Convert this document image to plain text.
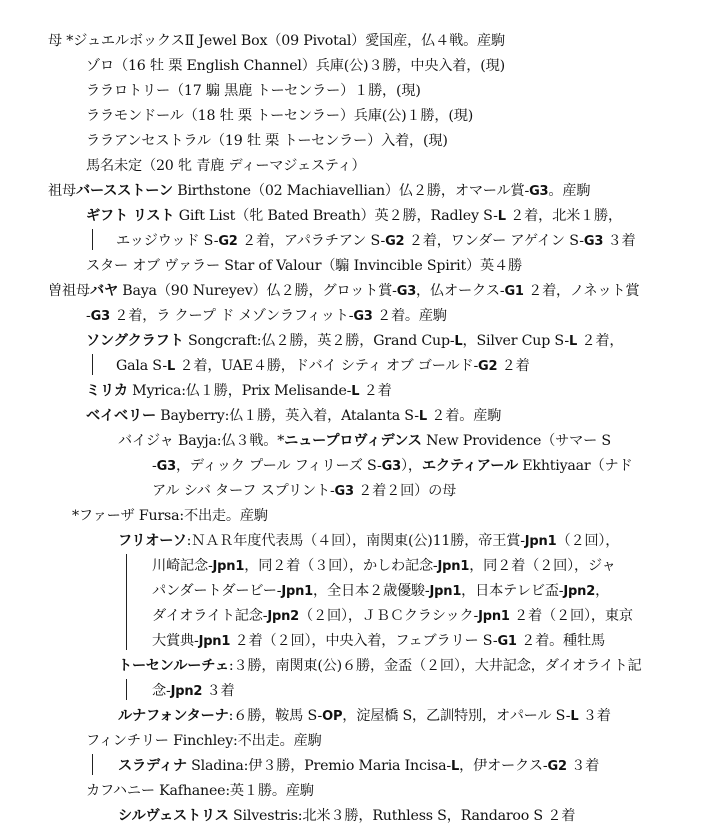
母 *ジュエルボックスⅡ Jewel Box（09 Pivotal）愛国産，仏４戦。産駒
ゾロ（16 牡 栗 English Channel）兵庫(公)３勝，中央入着，(現)
ララロトリー（17 騸 黒鹿 トーセンラー）１勝，(現)
ララモンドール（18 牡 栗 トーセンラー）兵庫(公)１勝，(現)
ララアンセストラル（19 牡 栗 トーセンラー）入着，(現)
馬名未定（20 牝 青鹿 ディーマジェスティ）
祖母バースストーン Birthstone（02 Machiavellian）仏２勝，オマール賞-G3。産駒
ギフト リスト Gift List（牝 Bated Breath）英２勝，Radley S-L ２着，北米１勝，
エッジウッド S-G2 ２着，アパラチアン S-G2 ２着，ワンダー アゲイン S-G3 ３着
スター オブ ヴァラー Star of Valour（騸 Invincible Spirit）英４勝
曽祖母バヤ Baya（90 Nureyev）仏２勝，グロット賞-G3，仏オークス-G1 ２着，ノネット賞
-G3 ２着，ラ クープ ド メゾンラフィット-G3 ２着。産駒
ソングクラフト Songcraft:仏２勝，英２勝，Grand Cup-L，Silver Cup S-L ２着，
Gala S-L ２着，UAE４勝，ドバイ シティ オブ ゴールド-G2 ２着
ミリカ Myrica:仏１勝，Prix Melisande-L ２着
ベイベリー Bayberry:仏１勝，英入着，Atalanta S-L ２着。産駒
バイジャ Bayja:仏３戦。*ニュープロヴィデンス New Providence（サマー S
-G3，ディック プール フィリーズ S-G3），エクティアール Ekhtiyaar（ナド
アル シバ ターフ スプリント-G3 ２着２回）の母
*ファーザ Fursa:不出走。産駒
フリオーソ:ＮＡＲ年度代表馬（４回），南関東(公)11勝，帝王賞-Jpn1（２回），
川崎記念-Jpn1，同２着（３回），かしわ記念-Jpn1，同２着（２回），ジャ
パンダートダービー-Jpn1，全日本２歳優駿-Jpn1，日本テレビ盃-Jpn2，
ダイオライト記念-Jpn2（２回），ＪＢＣクラシック-Jpn1 ２着（２回），東京
大賞典-Jpn1 ２着（２回），中央入着，フェブラリー S-G1 ２着。種牡馬
トーセンルーチェ:３勝，南関東(公)６勝，金盃（２回），大井記念，ダイオライト記
念-Jpn2 ３着
ルナフォンターナ:６勝，鞍馬 S-OP，淀屋橋 S，乙訓特別，オパール S-L ３着
フィンチリー Finchley:不出走。産駒
スラディナ Sladina:伊３勝，Premio Maria Incisa-L，伊オークス-G2 ３着
カフハニー Kafhanee:英１勝。産駒
シルヴェストリス Silvestris:北米３勝，Ruthless S，Randaroo S ２着
